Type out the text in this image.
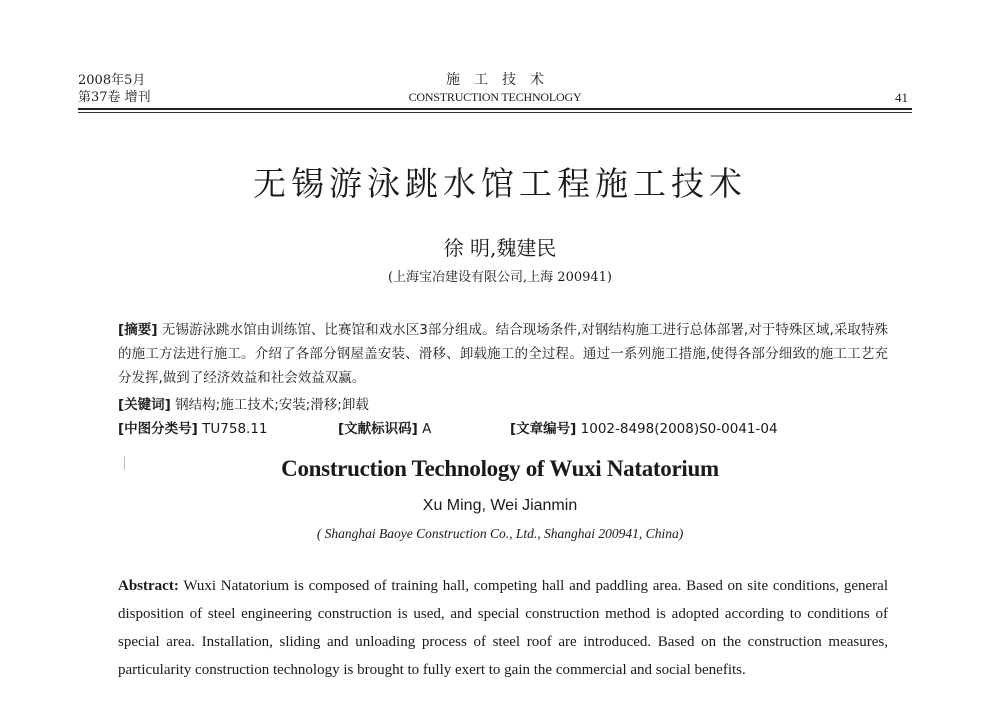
2008年5月
第37卷 增刊
施工技术
CONSTRUCTION TECHNOLOGY	41
无锡游泳跳水馆工程施工技术
徐 明,魏建民
(上海宝冶建设有限公司,上海 200941)
[摘要] 无锡游泳跳水馆由训练馆、比赛馆和戏水区3部分组成。结合现场条件,对钢结构施工进行总体部署,对于特殊区域,采取特殊的施工方法进行施工。介绍了各部分钢屋盖安装、滑移、卸载施工的全过程。通过一系列施工措施,使得各部分细致的施工工艺充分发挥,做到了经济效益和社会效益双赢。
[关键词] 钢结构;施工技术;安装;滑移;卸载
[中图分类号] TU758.11	[文献标识码] A	[文章编号] 1002-8498(2008)S0-0041-04
Construction Technology of Wuxi Natatorium
Xu Ming, Wei Jianmin
( Shanghai Baoye Construction Co., Ltd., Shanghai 200941, China)
Abstract: Wuxi Natatorium is composed of training hall, competing hall and paddling area. Based on site conditions, general disposition of steel engineering construction is used, and special construction method is adopted according to conditions of special area. Installation, sliding and unloading process of steel roof are introduced. Based on the construction measures, particularity construction technology is brought to fully exert to gain the commercial and social benefits.
